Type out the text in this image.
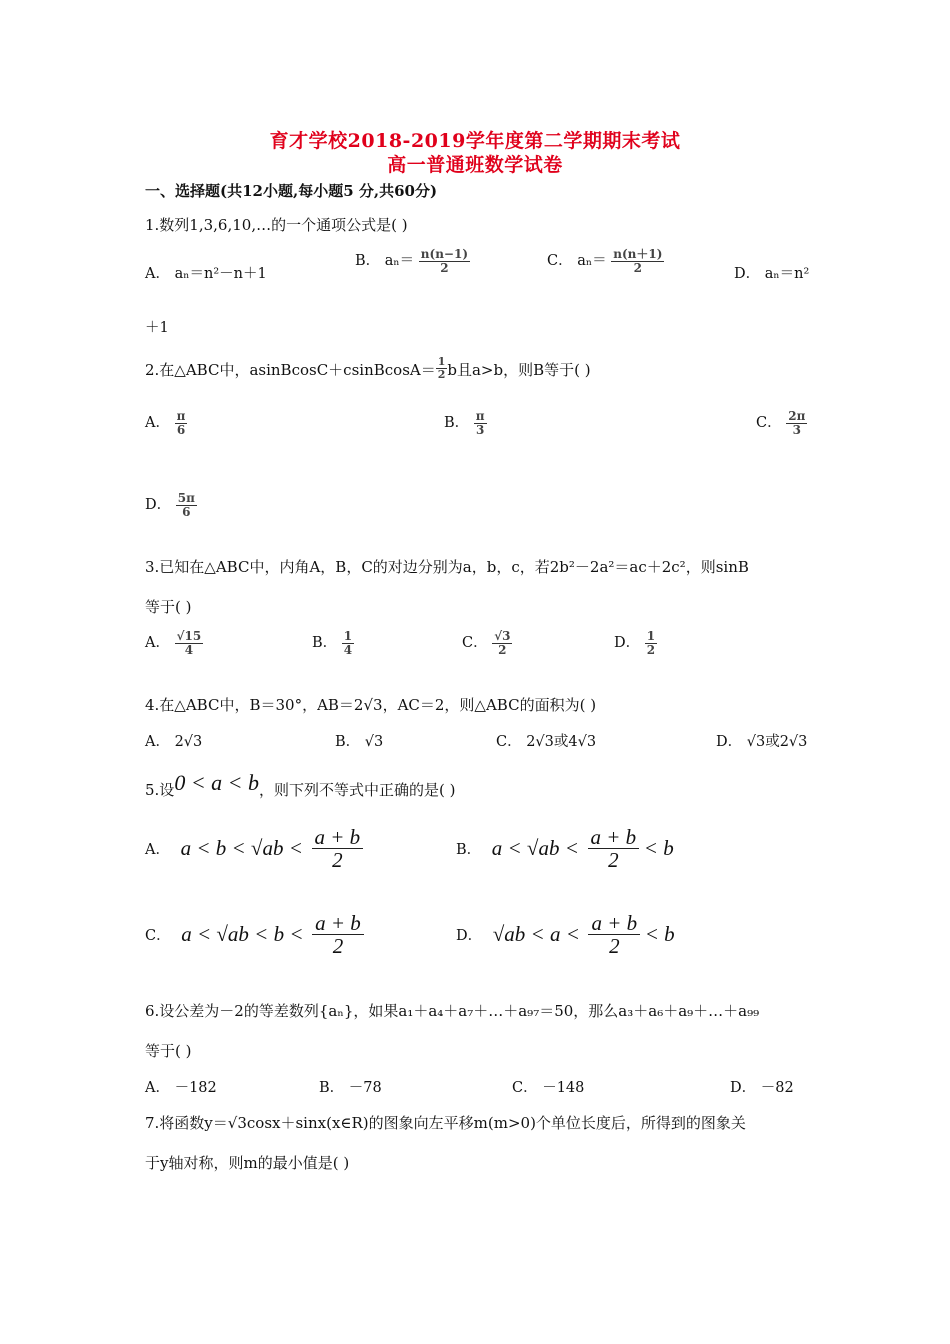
育才学校2018-2019学年度第二学期期末考试
高一普通班数学试卷
一、选择题(共12小题,每小题5 分,共60分)
1.数列1,3,6,10,…的一个通项公式是( )
A． aₙ＝n²－n＋1
B． $a_n= \frac{n(n-1)}{2}$	C． $a_n= \frac{n(n+1)}{2}$	D． aₙ＝n²
＋1
2.在△ABC中，asinBcosC＋csinBcosA＝ $\frac{1}{2}$ b且a>b，则B等于( )
A． $\frac{\pi}{6}$	B． $\frac{\pi}{3}$	C． $\frac{2\pi}{3}$
D． $\frac{5\pi}{6}$
3.已知在△ABC中，内角A，B，C的对边分别为a，b，c，若2b²－2a²＝ac＋2c²，则sinB
等于( )
A． $\frac{√15}{4}$	B． $\frac{1}{4}$	C． $\frac{√3}{2}$	D． $\frac{1}{2}$
4.在△ABC中，B＝30°，AB＝2√3，AC＝2，则△ABC的面积为( )
A． 2√3	B． √3	C． 2√3或4√3	D． √3或2√3
5.设0 < a < b，则下列不等式中正确的是( )
A． $a < b < √ab < \frac{a + b}{2}$	B． $a < √ab < \frac{a + b}{2} < b$
C． $a < √ab < b < \frac{a + b}{2}$	D． $√ab < a < \frac{a + b}{2} < b$
6.设公差为－2的等差数列{aₙ}，如果a₁＋a₄＋a₇＋…＋a₉₇＝50，那么a₃＋a₆＋a₉＋…＋a₉₉
等于( )
A． －182	B． －78	C． －148	D． －82
7.将函数y＝√3cosx＋sinx(x∈R)的图象向左平移m(m>0)个单位长度后，所得到的图象关
于y轴对称，则m的最小值是( )
